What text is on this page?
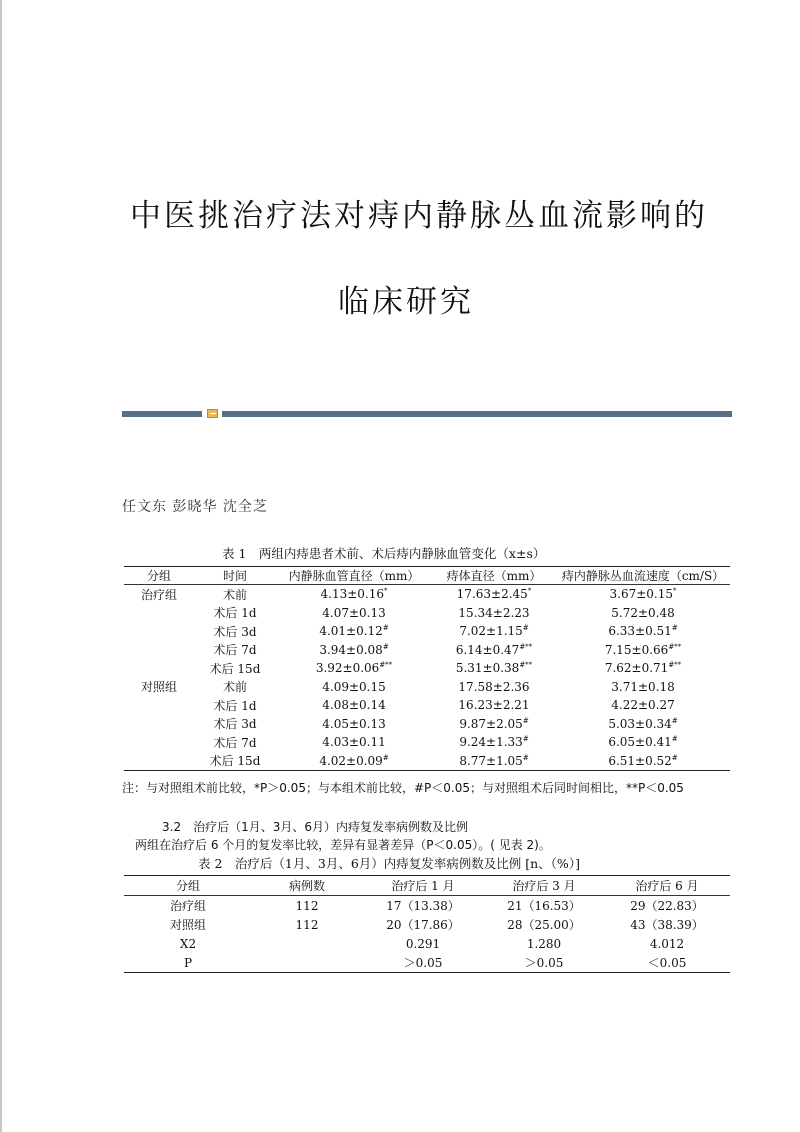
中医挑治疗法对痔内静脉丛血流影响的
临床研究
任文东 彭晓华 沈全芝
表 1　两组内痔患者术前、术后痔内静脉血管变化（x±s）
分组	时间	内静脉血管直径（mm）	痔体直径（mm）	痔内静脉丛血流速度（cm/S）
治疗组	术前	4.13±0.16*	17.63±2.45*	3.67±0.15*
	术后 1d	4.07±0.13	15.34±2.23	5.72±0.48
	术后 3d	4.01±0.12#	7.02±1.15#	6.33±0.51#
	术后 7d	3.94±0.08#	6.14±0.47#**	7.15±0.66#**
	术后 15d	3.92±0.06#**	5.31±0.38#**	7.62±0.71#**
对照组	术前	4.09±0.15	17.58±2.36	3.71±0.18
	术后 1d	4.08±0.14	16.23±2.21	4.22±0.27
	术后 3d	4.05±0.13	9.87±2.05#	5.03±0.34#
	术后 7d	4.03±0.11	9.24±1.33#	6.05±0.41#
	术后 15d	4.02±0.09#	8.77±1.05#	6.51±0.52#
注：与对照组术前比较，*P＞0.05；与本组术前比较，#P＜0.05；与对照组术后同时间相比，**P＜0.05
3.2　治疗后（1月、3月、6月）内痔复发率病例数及比例
两组在治疗后 6 个月的复发率比较，差异有显著差异（P＜0.05）。( 见表 2)。
表 2　治疗后（1月、3月、6月）内痔复发率病例数及比例 [n、（%）]
分组	病例数	治疗后 1 月	治疗后 3 月	治疗后 6 月
治疗组	112	17（13.38）	21（16.53）	29（22.83）
对照组	112	20（17.86）	28（25.00）	43（38.39）
X2		0.291	1.280	4.012
P		＞0.05	＞0.05	＜0.05
